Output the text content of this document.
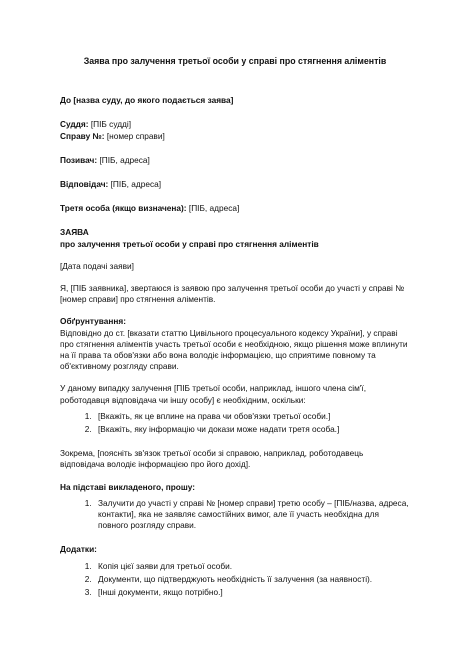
Заява про залучення третьої особи у справі про стягнення аліментів

До [назва суду, до якого подається заява]

Суддя: [ПІБ судді]

Справу №: [номер справи]

Позивач: [ПІБ, адреса]

Відповідач: [ПІБ, адреса]

Третя особа (якщо визначена): [ПІБ, адреса]

ЗАЯВА

про залучення третьої особи у справі про стягнення аліментів

[Дата подачі заяви]

Я, [ПІБ заявника], звертаюся із заявою про залучення третьої особи до участі у справі № [номер справи] про стягнення аліментів.

Обґрунтування:

Відповідно до ст. [вказати статтю Цивільного процесуального кодексу України], у справі про стягнення аліментів участь третьої особи є необхідною, якщо рішення може вплинути на її права та обов'язки або вона володіє інформацією, що сприятиме повному та об'єктивному розгляду справи.

У даному випадку залучення [ПІБ третьої особи, наприклад, іншого члена сім'ї, роботодавця відповідача чи іншу особу] є необхідним, оскільки:

1. [Вкажіть, як це вплине на права чи обов'язки третьої особи.]
2. [Вкажіть, яку інформацію чи докази може надати третя особа.]

Зокрема, [поясніть зв'язок третьої особи зі справою, наприклад, роботодавець відповідача володіє інформацією про його дохід].

На підставі викладеного, прошу:

1. Залучити до участі у справі № [номер справи] третю особу – [ПІБ/назва, адреса, контакти], яка не заявляє самостійних вимог, але її участь необхідна для повного розгляду справи.

Додатки:

1. Копія цієї заяви для третьої особи.
2. Документи, що підтверджують необхідність її залучення (за наявності).
3. [Інші документи, якщо потрібно.]
